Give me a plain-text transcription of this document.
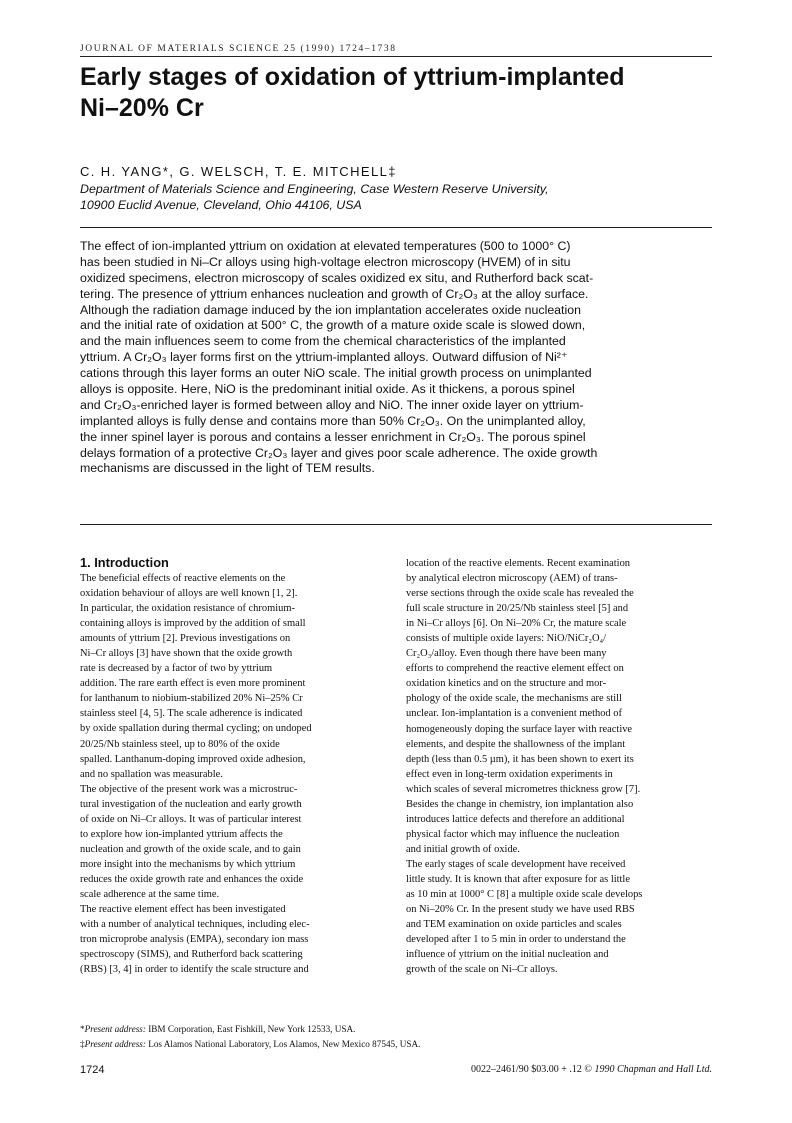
JOURNAL OF MATERIALS SCIENCE 25 (1990) 1724–1738
Early stages of oxidation of yttrium-implanted
Ni–20% Cr
C. H. YANG*, G. WELSCH, T. E. MITCHELL‡
Department of Materials Science and Engineering, Case Western Reserve University,
10900 Euclid Avenue, Cleveland, Ohio 44106, USA
The effect of ion-implanted yttrium on oxidation at elevated temperatures (500 to 1000° C)
has been studied in Ni–Cr alloys using high-voltage electron microscopy (HVEM) of in situ
oxidized specimens, electron microscopy of scales oxidized ex situ, and Rutherford back scat-
tering. The presence of yttrium enhances nucleation and growth of Cr₂O₃ at the alloy surface.
Although the radiation damage induced by the ion implantation accelerates oxide nucleation
and the initial rate of oxidation at 500° C, the growth of a mature oxide scale is slowed down,
and the main influences seem to come from the chemical characteristics of the implanted
yttrium. A Cr₂O₃ layer forms first on the yttrium-implanted alloys. Outward diffusion of Ni²⁺
cations through this layer forms an outer NiO scale. The initial growth process on unimplanted
alloys is opposite. Here, NiO is the predominant initial oxide. As it thickens, a porous spinel
and Cr₂O₃-enriched layer is formed between alloy and NiO. The inner oxide layer on yttrium-
implanted alloys is fully dense and contains more than 50% Cr₂O₃. On the unimplanted alloy,
the inner spinel layer is porous and contains a lesser enrichment in Cr₂O₃. The porous spinel
delays formation of a protective Cr₂O₃ layer and gives poor scale adherence. The oxide growth
mechanisms are discussed in the light of TEM results.
1. Introduction
The beneficial effects of reactive elements on the
oxidation behaviour of alloys are well known [1, 2].
In particular, the oxidation resistance of chromium-
containing alloys is improved by the addition of small
amounts of yttrium [2]. Previous investigations on
Ni–Cr alloys [3] have shown that the oxide growth
rate is decreased by a factor of two by yttrium
addition. The rare earth effect is even more prominent
for lanthanum to niobium-stabilized 20% Ni–25% Cr
stainless steel [4, 5]. The scale adherence is indicated
by oxide spallation during thermal cycling; on undoped
20/25/Nb stainless steel, up to 80% of the oxide
spalled. Lanthanum-doping improved oxide adhesion,
and no spallation was measurable.
The objective of the present work was a microstruc-
tural investigation of the nucleation and early growth
of oxide on Ni–Cr alloys. It was of particular interest
to explore how ion-implanted yttrium affects the
nucleation and growth of the oxide scale, and to gain
more insight into the mechanisms by which yttrium
reduces the oxide growth rate and enhances the oxide
scale adherence at the same time.
The reactive element effect has been investigated
with a number of analytical techniques, including elec-
tron microprobe analysis (EMPA), secondary ion mass
spectroscopy (SIMS), and Rutherford back scattering
(RBS) [3, 4] in order to identify the scale structure and
location of the reactive elements. Recent examination
by analytical electron microscopy (AEM) of trans-
verse sections through the oxide scale has revealed the
full scale structure in 20/25/Nb stainless steel [5] and
in Ni–Cr alloys [6]. On Ni–20% Cr, the mature scale
consists of multiple oxide layers: NiO/NiCr₂O₄/
Cr₂O₃/alloy. Even though there have been many
efforts to comprehend the reactive element effect on
oxidation kinetics and on the structure and mor-
phology of the oxide scale, the mechanisms are still
unclear. Ion-implantation is a convenient method of
homogeneously doping the surface layer with reactive
elements, and despite the shallowness of the implant
depth (less than 0.5 µm), it has been shown to exert its
effect even in long-term oxidation experiments in
which scales of several micrometres thickness grow [7].
Besides the change in chemistry, ion implantation also
introduces lattice defects and therefore an additional
physical factor which may influence the nucleation
and initial growth of oxide.
The early stages of scale development have received
little study. It is known that after exposure for as little
as 10 min at 1000° C [8] a multiple oxide scale develops
on Ni–20% Cr. In the present study we have used RBS
and TEM examination on oxide particles and scales
developed after 1 to 5 min in order to understand the
influence of yttrium on the initial nucleation and
growth of the scale on Ni–Cr alloys.
*Present address: IBM Corporation, East Fishkill, New York 12533, USA.
‡Present address: Los Alamos National Laboratory, Los Alamos, New Mexico 87545, USA.
1724	0022–2461/90 $03.00 + .12 © 1990 Chapman and Hall Ltd.
